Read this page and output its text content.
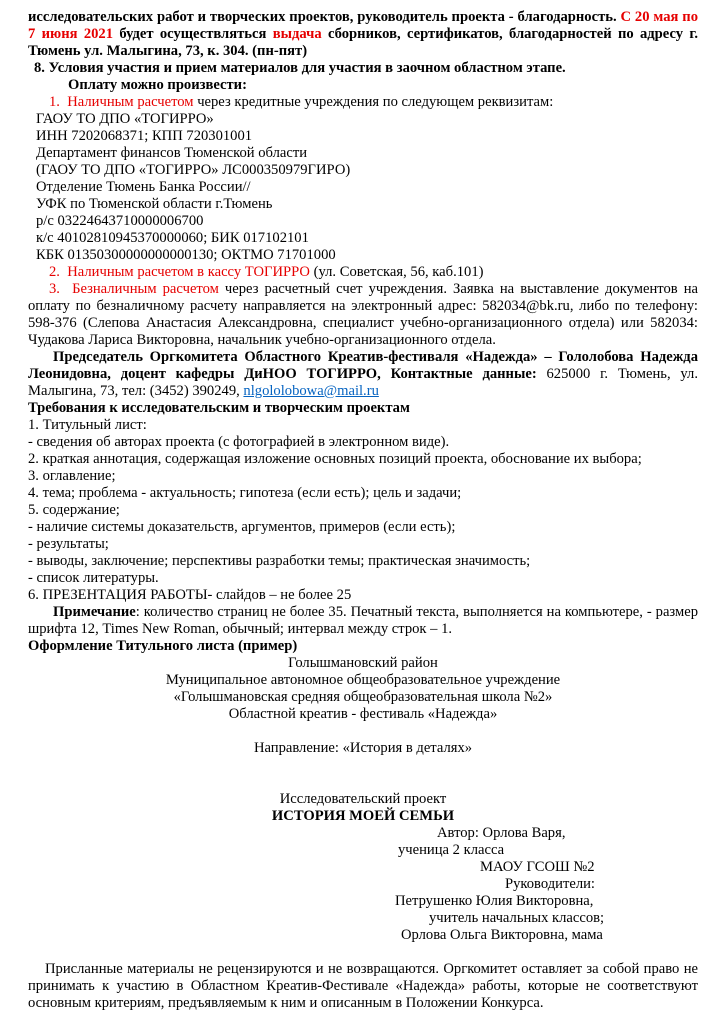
исследовательских работ и творческих проектов, руководитель проекта - благодарность. С 20 мая по 7 июня 2021 будет осуществляться выдача сборников, сертификатов, благодарностей по адресу г. Тюмень ул. Малыгина, 73, к. 304. (пн-пят)
8. Условия участия и прием материалов для участия в заочном областном этапе.
Оплату можно произвести:
1.  Наличным расчетом через кредитные учреждения по следующем реквизитам:
ГАОУ ТО ДПО «ТОГИРРО»
ИНН 7202068371; КПП 720301001
Департамент финансов Тюменской области
(ГАОУ ТО ДПО «ТОГИРРО» ЛС000350979ГИРО)
Отделение Тюмень Банка России//
УФК по Тюменской области г.Тюмень
р/с 03224643710000006700
к/с 40102810945370000060; БИК 017102101
КБК 01350300000000000130; ОКТМО 71701000
2.  Наличным расчетом в кассу ТОГИРРО (ул. Советская, 56, каб.101)
3.  Безналичным расчетом через расчетный счет учреждения. Заявка на выставление документов на оплату по безналичному расчету направляется на электронный адрес: 582034@bk.ru, либо по телефону: 598-376 (Слепова Анастасия Александровна, специалист учебно-организационного отдела) или 582034: Чудакова Лариса Викторовна, начальник учебно-организационного отдела.
Председатель Оргкомитета Областного Креатив-фестиваля «Надежда» – Гололобова Надежда Леонидовна, доцент кафедры ДиНОО ТОГИРРО, Контактные данные: 625000 г. Тюмень, ул. Малыгина, 73, тел: (3452) 390249, nlgololobowa@mail.ru
Требования к исследовательским и творческим проектам
1. Титульный лист:
- сведения об авторах проекта (с фотографией в электронном виде).
2. краткая аннотация, содержащая изложение основных позиций проекта, обоснование их выбора;
3. оглавление;
4. тема; проблема - актуальность; гипотеза (если есть); цель и задачи;
5. содержание;
- наличие системы доказательств, аргументов, примеров (если есть);
- результаты;
- выводы, заключение; перспективы разработки темы; практическая значимость;
- список литературы.
6. ПРЕЗЕНТАЦИЯ РАБОТЫ- слайдов – не более 25
Примечание: количество страниц не более 35. Печатный текста, выполняется на компьютере, - размер шрифта 12, Times New Roman, обычный; интервал между строк – 1.
Оформление Титульного листа (пример)
Голышмановский район
Муниципальное автономное общеобразовательное учреждение
«Голышмановская средняя общеобразовательная школа №2»
Областной креатив - фестиваль «Надежда»

Направление: «История в деталях»

Исследовательский проект
ИСТОРИЯ МОЕЙ СЕМЬИ
Автор: Орлова Варя,
ученица 2 класса
МАОУ ГСОШ №2
Руководители:
Петрушенко Юлия Викторовна,
учитель начальных классов;
Орлова Ольга Викторовна, мама

Присланные материалы не рецензируются и не возвращаются. Оргкомитет оставляет за собой право не принимать к участию в Областном Креатив-Фестивале «Надежда» работы, которые не соответствуют основным критериям, предъявляемым к ним и описанным в Положении Конкурса.
